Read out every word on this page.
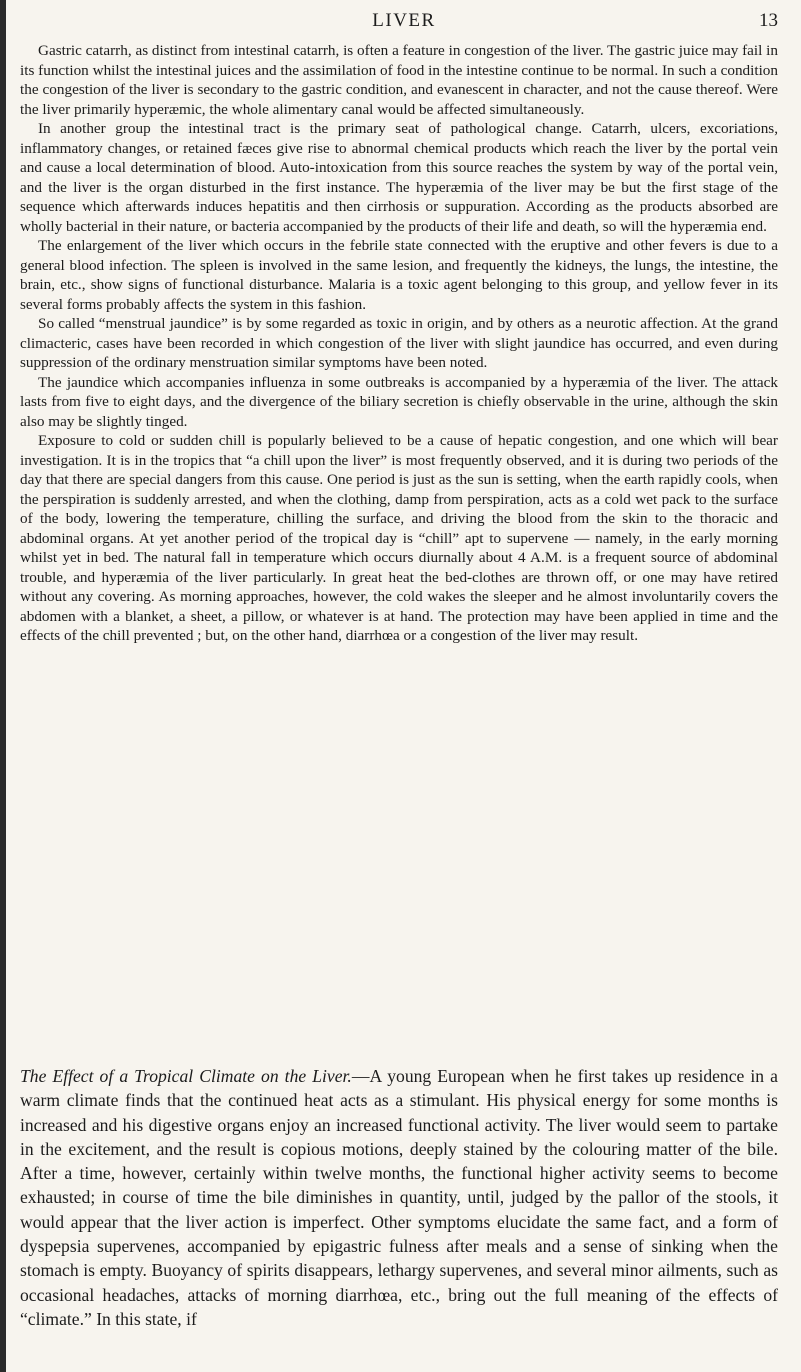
LIVER	13

Gastric catarrh, as distinct from intestinal catarrh, is often a feature in congestion of the liver. The gastric juice may fail in its function whilst the intestinal juices and the assimilation of food in the intestine continue to be normal. In such a condition the congestion of the liver is secondary to the gastric condition, and evanescent in character, and not the cause thereof. Were the liver primarily hyperæmic, the whole alimentary canal would be affected simultaneously.

In another group the intestinal tract is the primary seat of pathological change. Catarrh, ulcers, excoriations, inflammatory changes, or retained fæces give rise to abnormal chemical products which reach the liver by the portal vein and cause a local determination of blood. Auto-intoxication from this source reaches the system by way of the portal vein, and the liver is the organ disturbed in the first instance. The hyperæmia of the liver may be but the first stage of the sequence which afterwards induces hepatitis and then cirrhosis or suppuration. According as the products absorbed are wholly bacterial in their nature, or bacteria accompanied by the products of their life and death, so will the hyperæmia end.

The enlargement of the liver which occurs in the febrile state connected with the eruptive and other fevers is due to a general blood infection. The spleen is involved in the same lesion, and frequently the kidneys, the lungs, the intestine, the brain, etc., show signs of functional disturbance. Malaria is a toxic agent belonging to this group, and yellow fever in its several forms probably affects the system in this fashion.

So called “menstrual jaundice” is by some regarded as toxic in origin, and by others as a neurotic affection. At the grand climacteric, cases have been recorded in which congestion of the liver with slight jaundice has occurred, and even during suppression of the ordinary menstruation similar symptoms have been noted.

The jaundice which accompanies influenza in some outbreaks is accompanied by a hyperæmia of the liver. The attack lasts from five to eight days, and the divergence of the biliary secretion is chiefly observable in the urine, although the skin also may be slightly tinged.

Exposure to cold or sudden chill is popularly believed to be a cause of hepatic congestion, and one which will bear investigation. It is in the tropics that “a chill upon the liver” is most frequently observed, and it is during two periods of the day that there are special dangers from this cause. One period is just as the sun is setting, when the earth rapidly cools, when the perspiration is suddenly arrested, and when the clothing, damp from perspiration, acts as a cold wet pack to the surface of the body, lowering the temperature, chilling the surface, and driving the blood from the skin to the thoracic and abdominal organs. At yet another period of the tropical day is “chill” apt to supervene — namely, in the early morning whilst yet in bed. The natural fall in temperature which occurs diurnally about 4 A.M. is a frequent source of abdominal trouble, and hyperæmia of the liver particularly. In great heat the bed-clothes are thrown off, or one may have retired without any covering. As morning approaches, however, the cold wakes the sleeper and he almost involuntarily covers the abdomen with a blanket, a sheet, a pillow, or whatever is at hand. The protection may have been applied in time and the effects of the chill prevented ; but, on the other hand, diarrhœa or a congestion of the liver may result.

The Effect of a Tropical Climate on the Liver.—A young European when he first takes up residence in a warm climate finds that the continued heat acts as a stimulant. His physical energy for some months is increased and his digestive organs enjoy an increased functional activity. The liver would seem to partake in the excitement, and the result is copious motions, deeply stained by the colouring matter of the bile. After a time, however, certainly within twelve months, the functional higher activity seems to become exhausted; in course of time the bile diminishes in quantity, until, judged by the pallor of the stools, it would appear that the liver action is imperfect. Other symptoms elucidate the same fact, and a form of dyspepsia supervenes, accompanied by epigastric fulness after meals and a sense of sinking when the stomach is empty. Buoyancy of spirits disappears, lethargy supervenes, and several minor ailments, such as occasional headaches, attacks of morning diarrhœa, etc., bring out the full meaning of the effects of “climate.” In this state, if
